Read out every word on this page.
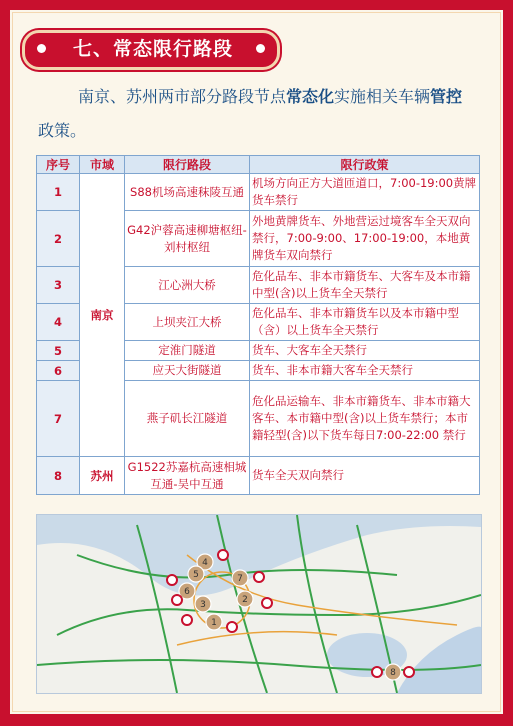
七、常态限行路段
南京、苏州两市部分路段节点常态化实施相关车辆管控政策。
序号	市域	限行路段	限行政策
1	南京	S88机场高速秣陵互通	机场方向正方大道匝道口，7:00-19:00黄牌货车禁行
2		G42沪蓉高速柳塘枢纽-刘村枢纽	外地黄牌货车、外地营运过境客车全天双向禁行，7:00-9:00、17:00-19:00，本地黄牌货车双向禁行
3		江心洲大桥	危化品车、非本市籍货车、大客车及本市籍中型(含)以上货车全天禁行
4		上坝夹江大桥	危化品车、非本市籍货车以及本市籍中型（含）以上货车全天禁行
5		定淮门隧道	货车、大客车全天禁行
6		应天大街隧道	货车、非本市籍大客车全天禁行
7		燕子矶长江隧道	危化品运输车、非本市籍货车、非本市籍大客车、本市籍中型(含)以上货车禁行；本市籍轻型(含)以下货车每日7:00-22:00 禁行
8	苏州	G1522苏嘉杭高速相城互通-吴中互通	货车全天双向禁行
1
2
3
4
5
6
7
8
